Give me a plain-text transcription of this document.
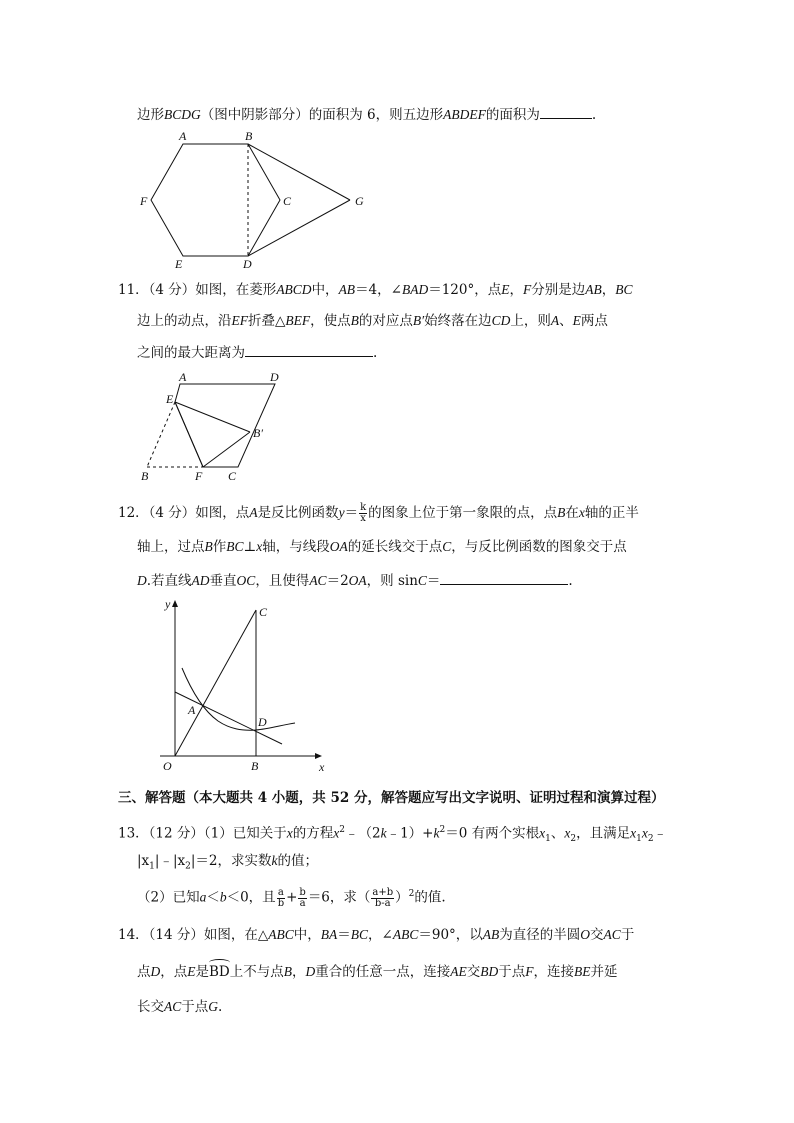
边形BCDG（图中阴影部分）的面积为 6，则五边形ABDEF的面积为	.
A	B
C
D
E
F	G
11．（4 分）如图，在菱形ABCD中，AB＝4，∠BAD＝120°，点E，F分别是边AB，BC
边上的动点，沿EF折叠△BEF，使点B的对应点B′始终落在边CD上，则A、E两点
之间的最大距离为	.
A	D
E
B′
B	F C
12．（4 分）如图，点A是反比例函数$y= \frac{k}{x}$ 的图象上位于第一象限的点，点B在x轴的正半
轴上，过点B作BC⊥x轴，与线段OA的延长线交于点C，与反比例函数的图象交于点
D.若直线AD垂直OC，且使得AC＝2OA，则 sinC＝	.
y
C
A
D
O	B	x
三、解答题（本大题共 4 小题，共 52 分，解答题应写出文字说明、证明过程和演算过程）
13．（12 分）（1）已知关于x的方程$x^2﹣(2k﹣1)+k^2=0$ 有两个实根$x_1$、$x_2$，且满足$x_1x_2﹣$
$|x_1|﹣|x_2|=2$，求实数k的值；
（2）已知a＜b＜0，且 $\frac{a}{b} + \frac{b}{a} =6$，求（ $\frac{a+b}{b-a} )^2$的值.
14．（14 分）如图，在△ABC中，BA＝BC，∠ABC＝90°，以AB为直径的半圆O交AC于
点D，点E是BD上不与点B，D重合的任意一点，连接AE交BD于点F，连接BE并延
长交AC于点G.
